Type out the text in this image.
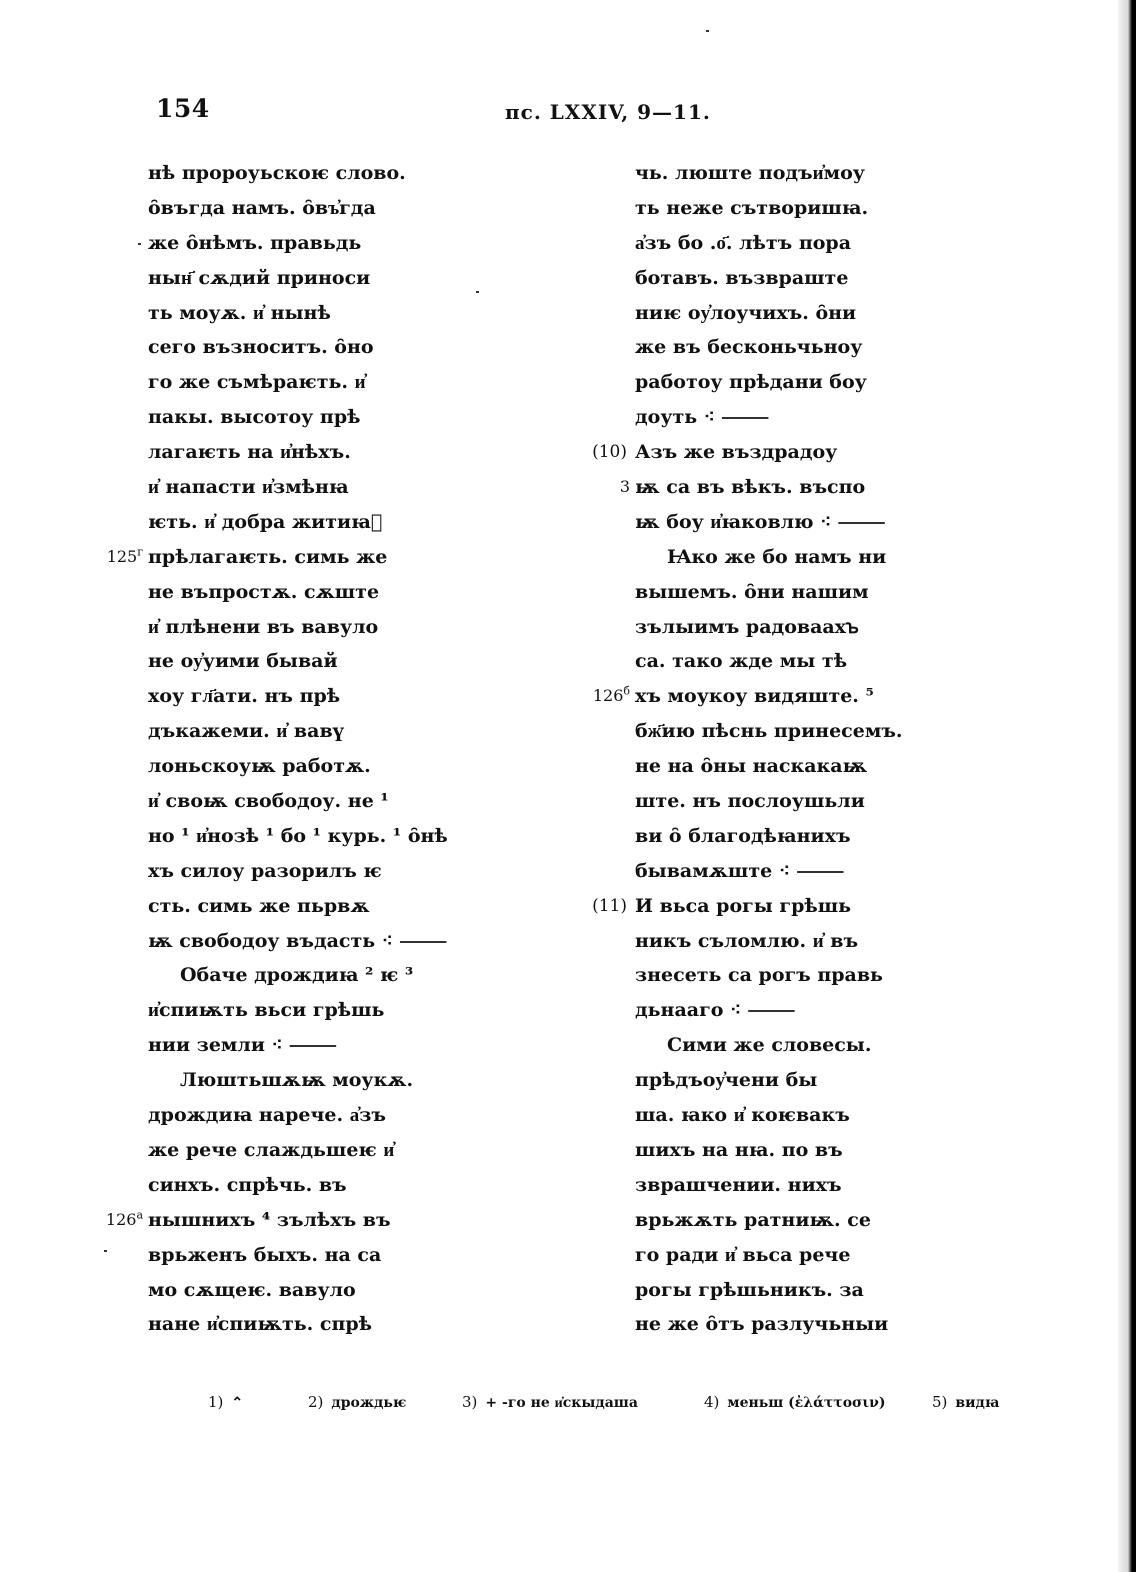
154	пс. LXXIV, 9—11.
нѣ пророуьскоѥ слово.
ȏвъгда намъ. ȏвъ҆гда
же ȏнѣмъ. правьдь
нын҃ сѫдий приноси
ть моуѫ. и҆ нынѣ
сего възноситъ. ȏно
го же съмѣраѥть. и҆
пакы. высотоу прѣ
лагаѥть на и҆нѣхъ.
и҆ напасти и҆змѣнꙗ
ѥть. и҆ добра житиꙗ҄
$125^г$ прѣлагаѥть. симь же
не въпростѫ. сѫште
и҆ плѣнени въ вавуло
не оу҆уими бывай
хоу гл҃ати. нъ прѣ
дъкажеми. и҆ вавү
лоньскоуѭ работѫ.
и҆ своѭ свободоу. не ¹
но ¹ и҆нозѣ ¹ бо ¹ курь. ¹ ȏнѣ
хъ силоу разорилъ ѥ
сть. симь же пьрвѫ
ѭ свободоу въдасть ⁖ ⸻
Обаче дрождиꙗ ² ѥ ³
и҆спиѭть вьси грѣшь
нии земли ⁖ ⸻
Люштьшѫѭ моукѫ.
дрождиꙗ нарече. а҆зъ
же рече слаждьшеѥ и҆
синхъ. спрѣчь. въ
$126^а$ нышнихъ ⁴ зълѣхъ въ
врьженъ быхъ. на са
мо сѫщеѥ. вавуло
нане и҆спиѭть. спрѣ
чь. люште подъи҆моу
ть неже сътворишꙗ.
а҆зъ бо .о҃. лѣтъ пора
ботавъ. възвраште
ниѥ оу҆лоучихъ. ȏни
же въ бесконьчьноу
работоу прѣдани боу
доуть ⁖ ⸻
(10) Азъ же въздрадоу
3 ѭ са въ вѣкъ. въспо
ѭ боу и҆ꙗковлю ⁖ ⸻
Ꙗко же бо намъ ни
вышемъ. ȏни нашим
зълыимъ радоваахꙏ
са. тако жде мы тѣ
$126^б$ хъ моукоу видяште. ⁵
бж҃ию пѣснь принесемъ.
не на ȏны наскакаѭ
ште. нъ послоушьли
ви ȏ благодѣꙗнихъ
бывамѫште ⁖ ⸻
(11) И вьса рогы грѣшь
никъ съломлю. и҆ въ
знесеть са рогъ правь
дьнааго ⁖ ⸻
Сими же словесы.
прѣдъоу҆чени бы
ша. ꙗко и҆ коѥвакъ
шихъ на нꙗ. по въ
зврашчении. нихъ
врьжѫть ратниѭ. се
го ради и҆ вьса рече
рогы грѣшьникъ. за
не же ȏтъ разлучьныи
1) ⌃	2) дрождьѥ	3) + -го не и҆скыдаша	4) меньш (ἐλάττοσιν)	5) видꙗ
